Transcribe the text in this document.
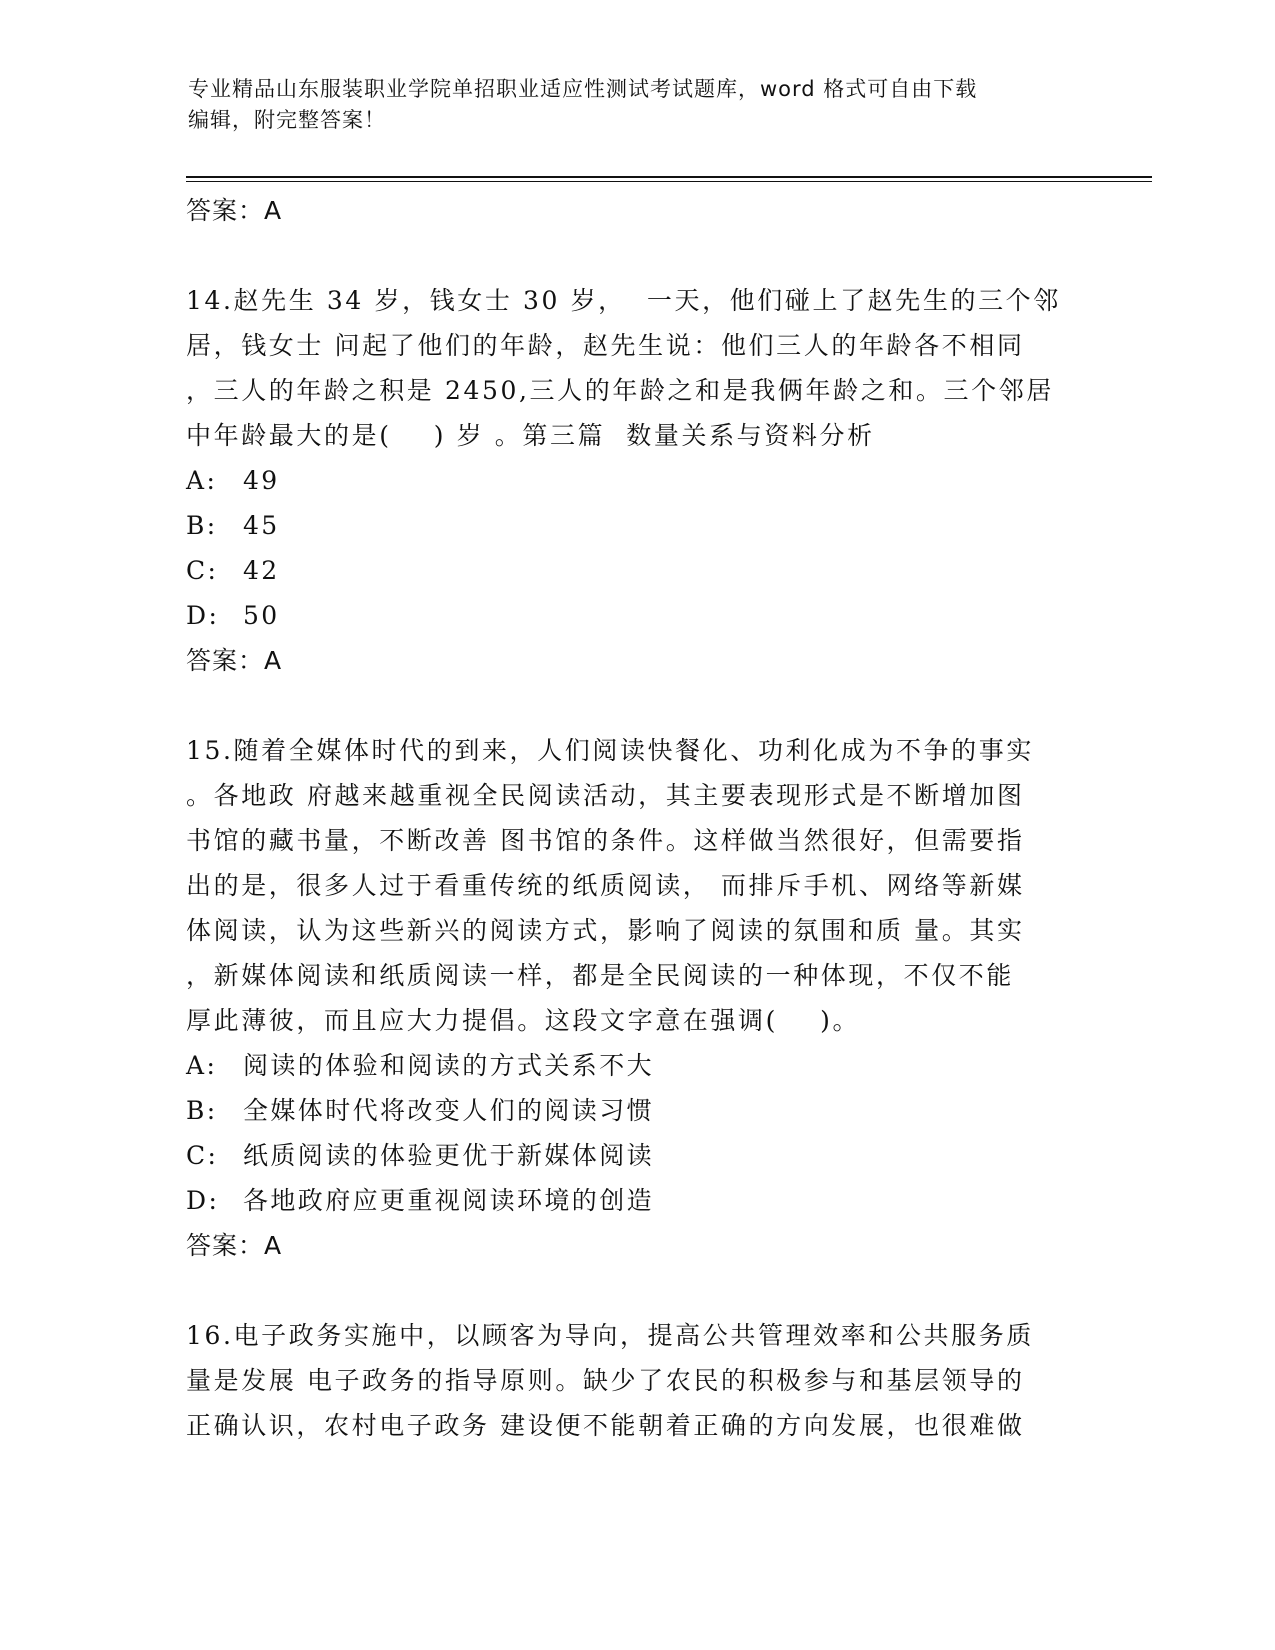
专业精品山东服装职业学院单招职业适应性测试考试题库，word 格式可自由下载
编辑，附完整答案！

答案：A

14.赵先生 34 岁，钱女士 30 岁，  一天，他们碰上了赵先生的三个邻

居，钱女士 问起了他们的年龄，赵先生说：他们三人的年龄各不相同

，三人的年龄之积是 2450,三人的年龄之和是我俩年龄之和。三个邻居

中年龄最大的是(    ) 岁 。第三篇  数量关系与资料分析

A: 49

B: 45

C: 42

D: 50

答案：A

15.随着全媒体时代的到来，人们阅读快餐化、功利化成为不争的事实

。各地政 府越来越重视全民阅读活动，其主要表现形式是不断增加图

书馆的藏书量，不断改善 图书馆的条件。这样做当然很好，但需要指

出的是，很多人过于看重传统的纸质阅读， 而排斥手机、网络等新媒

体阅读，认为这些新兴的阅读方式，影响了阅读的氛围和质 量。其实

，新媒体阅读和纸质阅读一样，都是全民阅读的一种体现，不仅不能

厚此薄彼，而且应大力提倡。这段文字意在强调(    )。

A: 阅读的体验和阅读的方式关系不大

B: 全媒体时代将改变人们的阅读习惯

C: 纸质阅读的体验更优于新媒体阅读

D: 各地政府应更重视阅读环境的创造

答案：A

16.电子政务实施中，以顾客为导向，提高公共管理效率和公共服务质

量是发展 电子政务的指导原则。缺少了农民的积极参与和基层领导的

正确认识，农村电子政务 建设便不能朝着正确的方向发展，也很难做
